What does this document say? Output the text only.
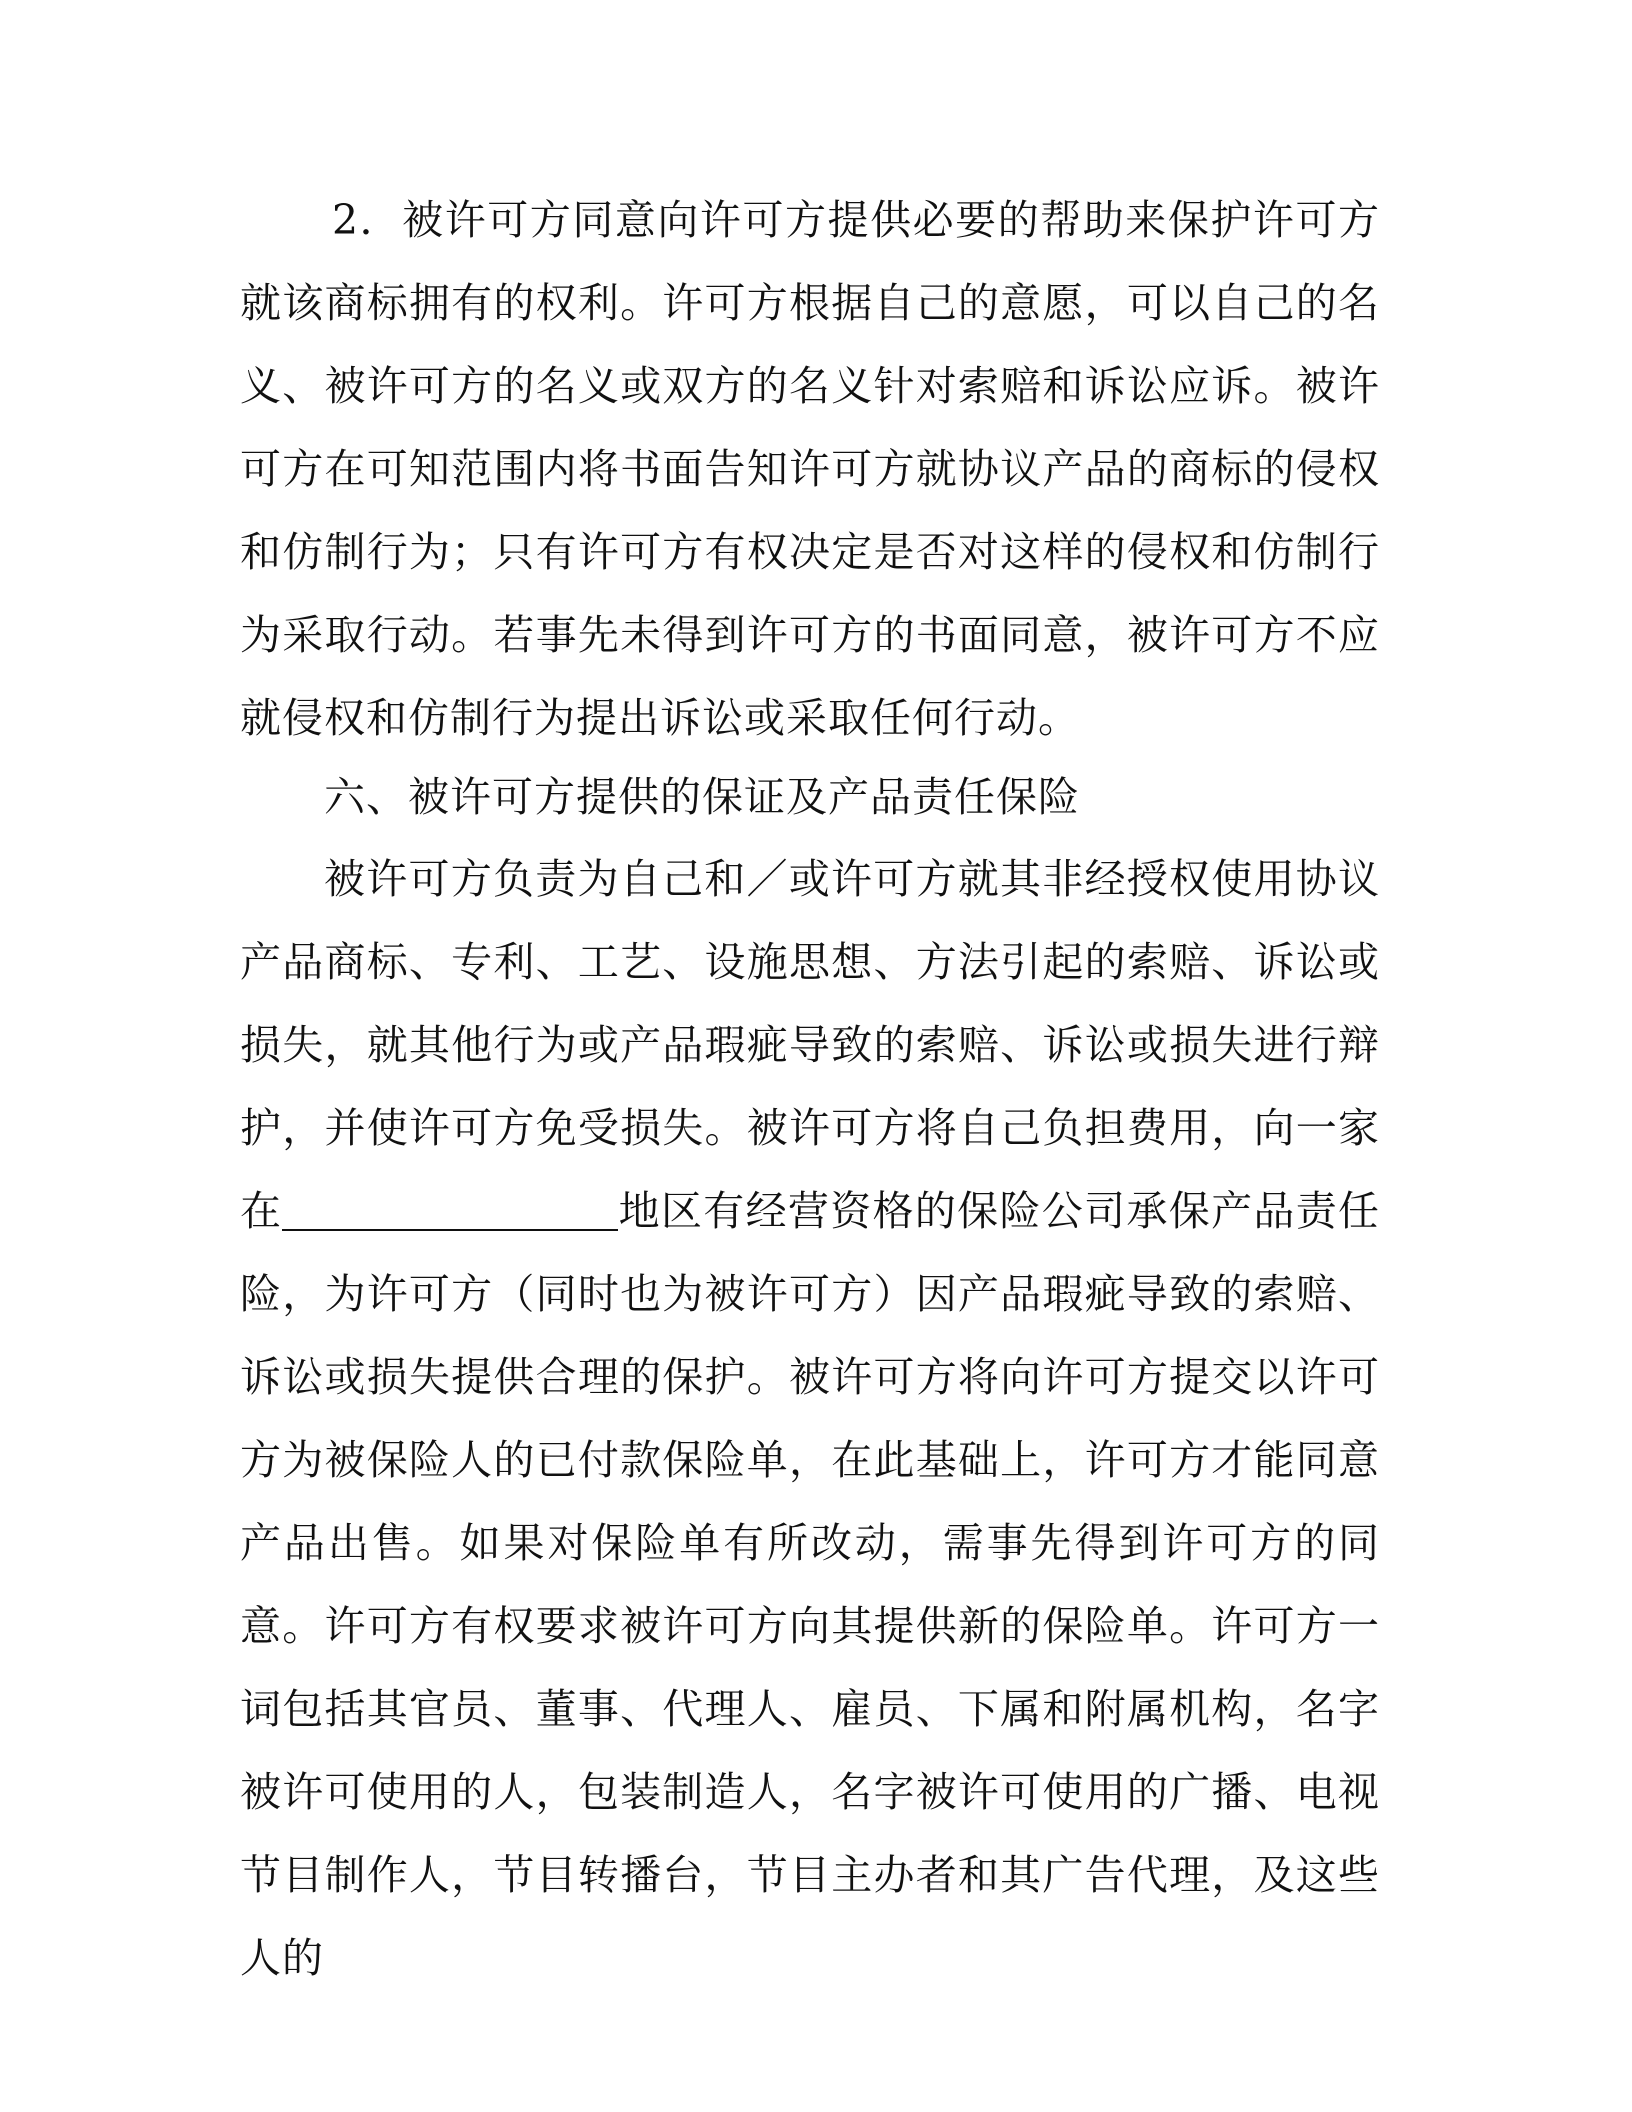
2．被许可方同意向许可方提供必要的帮助来保护许可方就该商标拥有的权利。许可方根据自己的意愿，可以自己的名义、被许可方的名义或双方的名义针对索赔和诉讼应诉。被许可方在可知范围内将书面告知许可方就协议产品的商标的侵权和仿制行为；只有许可方有权决定是否对这样的侵权和仿制行为采取行动。若事先未得到许可方的书面同意，被许可方不应就侵权和仿制行为提出诉讼或采取任何行动。

六、被许可方提供的保证及产品责任保险

被许可方负责为自己和／或许可方就其非经授权使用协议产品商标、专利、工艺、设施思想、方法引起的索赔、诉讼或损失，就其他行为或产品瑕疵导致的索赔、诉讼或损失进行辩护，并使许可方免受损失。被许可方将自己负担费用，向一家在	地区有经营资格的保险公司承保产品责任险，为许可方（同时也为被许可方）因产品瑕疵导致的索赔、诉讼或损失提供合理的保护。被许可方将向许可方提交以许可方为被保险人的已付款保险单，在此基础上，许可方才能同意产品出售。如果对保险单有所改动，需事先得到许可方的同意。许可方有权要求被许可方向其提供新的保险单。许可方一词包括其官员、董事、代理人、雇员、下属和附属机构，名字被许可使用的人，包装制造人，名字被许可使用的广播、电视节目制作人，节目转播台，节目主办者和其广告代理，及这些人的
